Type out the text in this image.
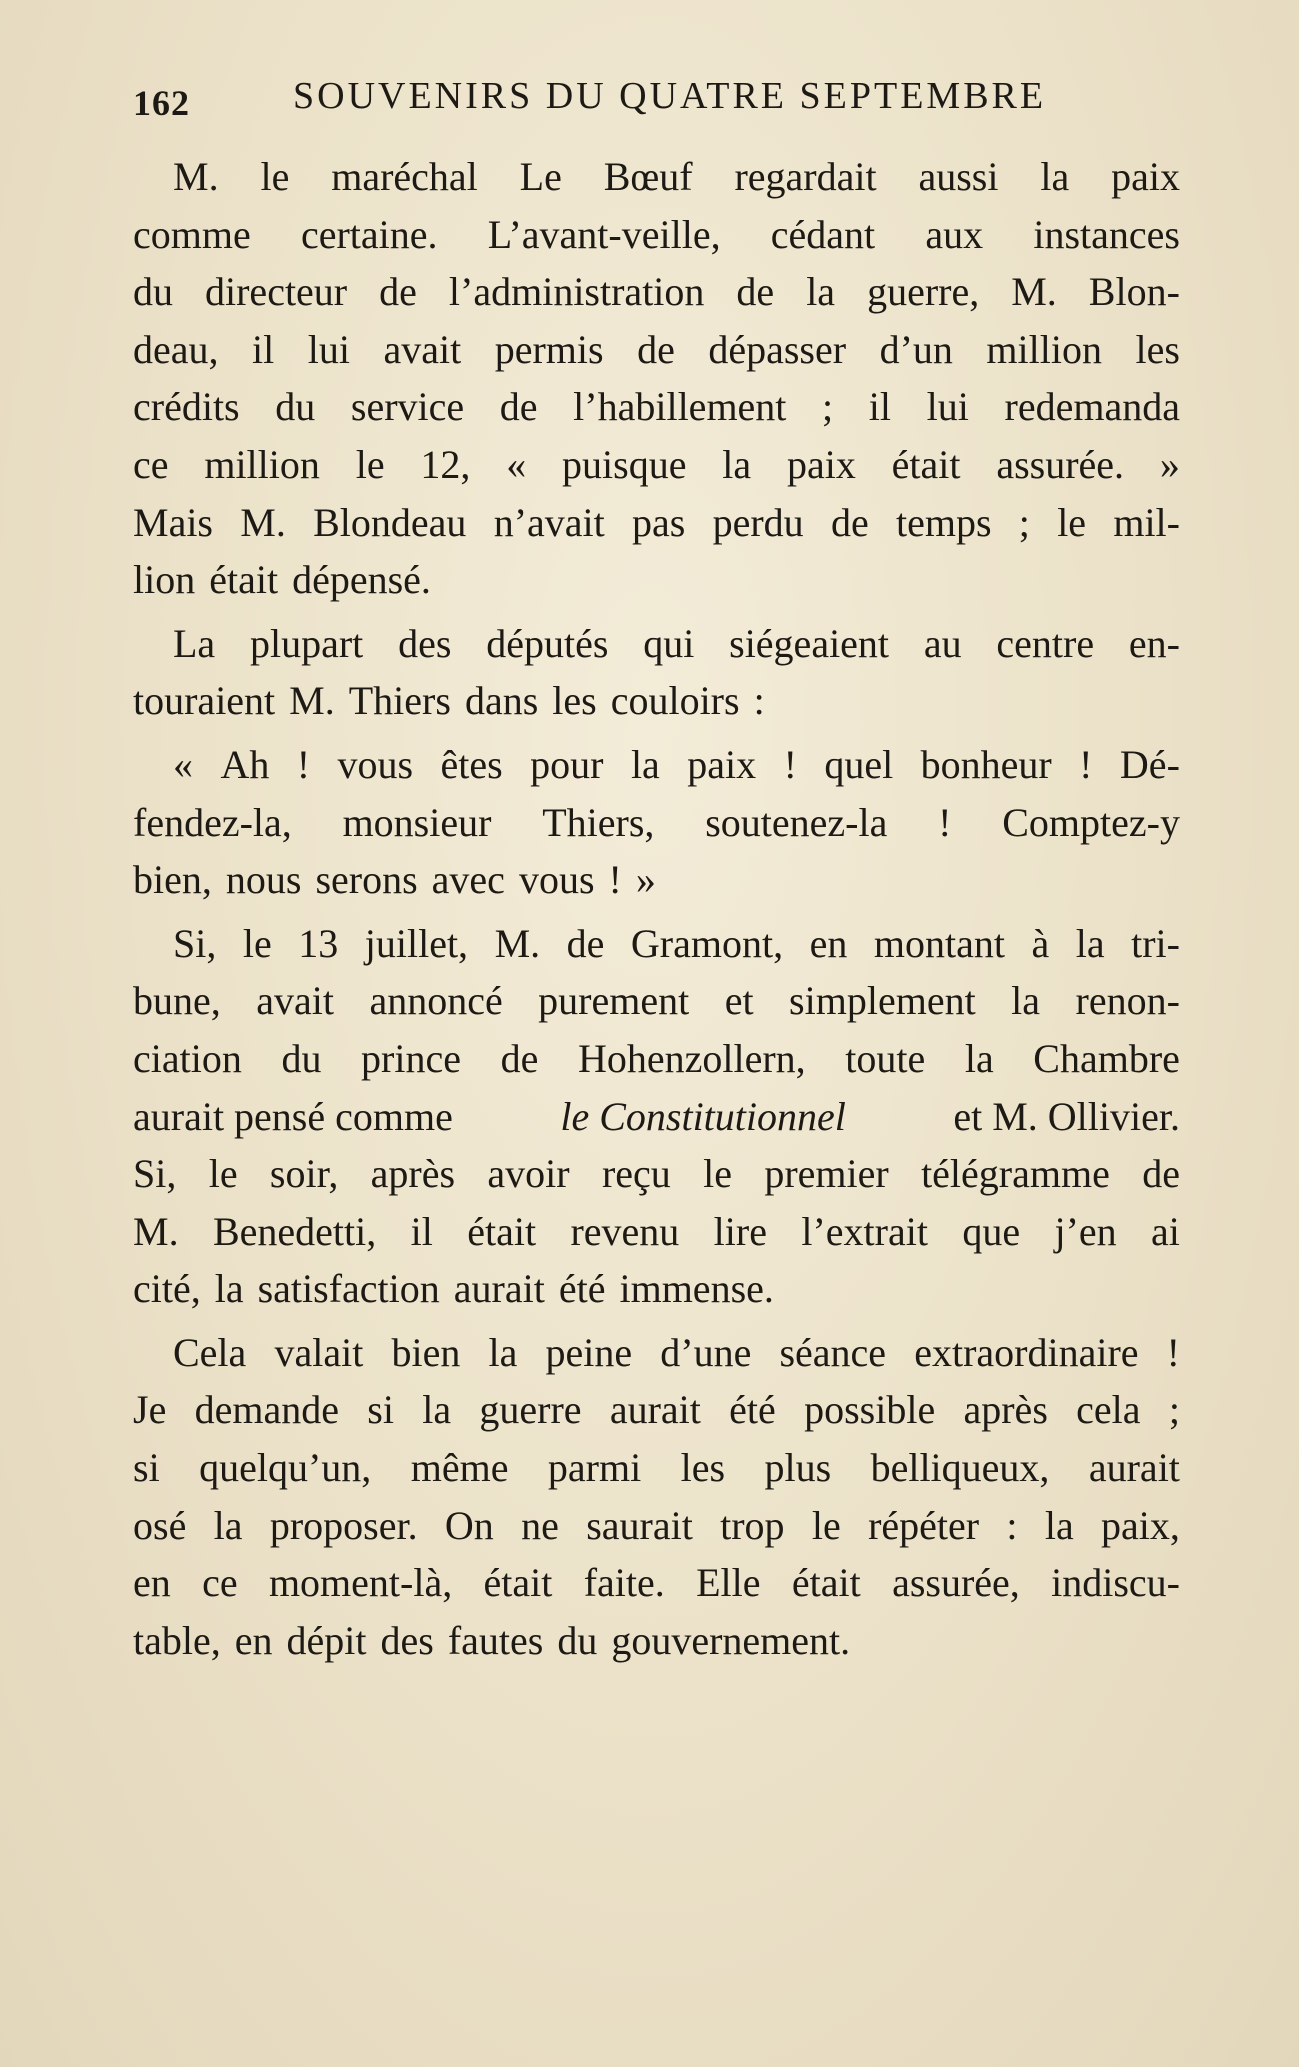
162	SOUVENIRS DU QUATRE SEPTEMBRE
M. le maréchal Le Bœuf regardait aussi la paix
comme certaine. L’avant-veille, cédant aux instances
du directeur de l’administration de la guerre, M. Blon-
deau, il lui avait permis de dépasser d’un million les
crédits du service de l’habillement ; il lui redemanda
ce million le 12, « puisque la paix était assurée. »
Mais M. Blondeau n’avait pas perdu de temps ; le mil-
lion était dépensé.
La plupart des députés qui siégeaient au centre en-
touraient M. Thiers dans les couloirs :
« Ah ! vous êtes pour la paix ! quel bonheur ! Dé-
fendez-la, monsieur Thiers, soutenez-la ! Comptez-y
bien, nous serons avec vous ! »
Si, le 13 juillet, M. de Gramont, en montant à la tri-
bune, avait annoncé purement et simplement la renon-
ciation du prince de Hohenzollern, toute la Chambre
aurait pensé comme	le Constitutionnel	et M. Ollivier.
Si, le soir, après avoir reçu le premier télégramme de
M. Benedetti, il était revenu lire l’extrait que j’en ai
cité, la satisfaction aurait été immense.
Cela valait bien la peine d’une séance extraordinaire !
Je demande si la guerre aurait été possible après cela ;
si quelqu’un, même parmi les plus belliqueux, aurait
osé la proposer. On ne saurait trop le répéter : la paix,
en ce moment-là, était faite. Elle était assurée, indiscu-
table, en dépit des fautes du gouvernement.
